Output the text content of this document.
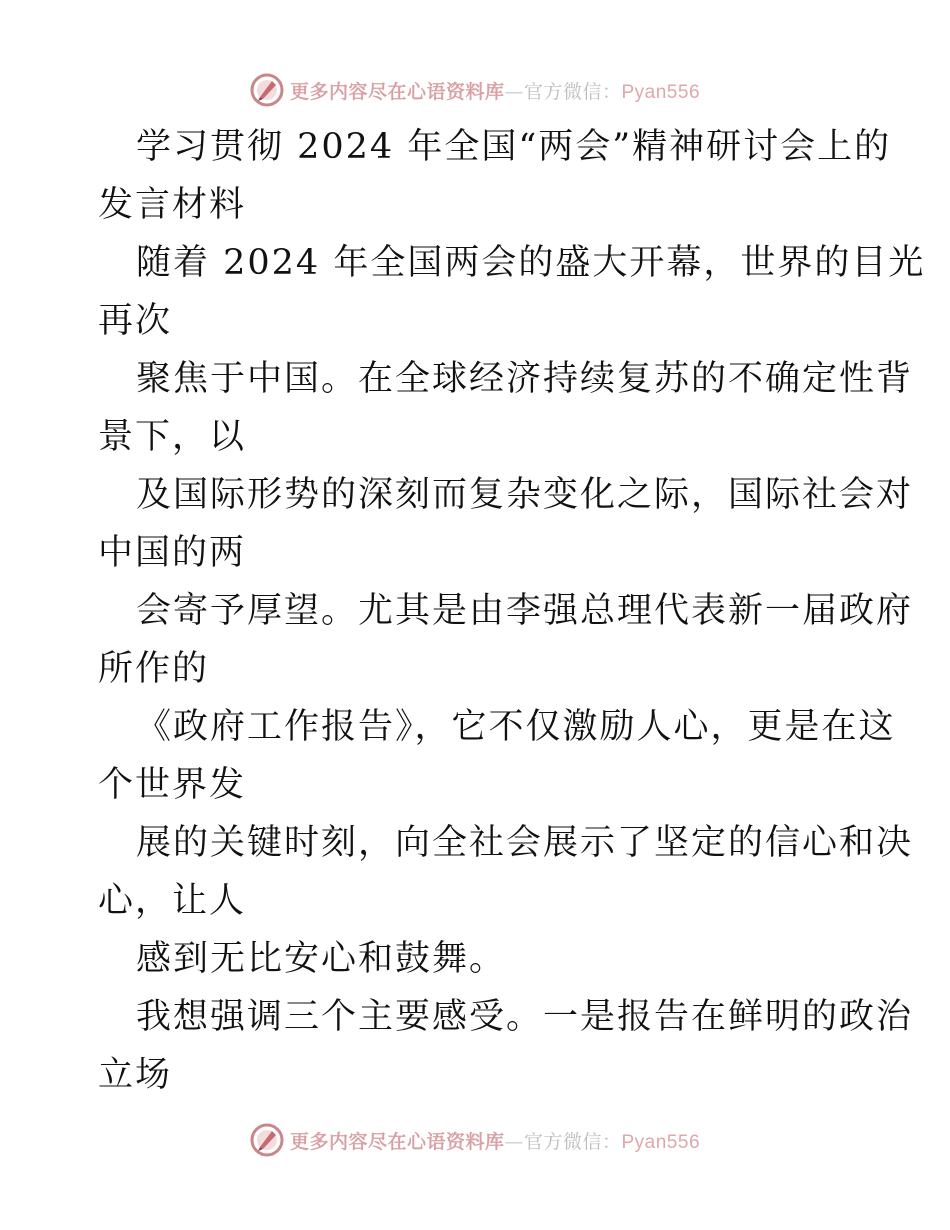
更多内容尽在心语资料库—官方微信：Pyan556
学习贯彻 2024 年全国“两会”精神研讨会上的
发言材料
随着 2024 年全国两会的盛大开幕，世界的目光
再次
聚焦于中国。在全球经济持续复苏的不确定性背
景下，以
及国际形势的深刻而复杂变化之际，国际社会对
中国的两
会寄予厚望。尤其是由李强总理代表新一届政府
所作的
《政府工作报告》，它不仅激励人心，更是在这
个世界发
展的关键时刻，向全社会展示了坚定的信心和决
心，让人
感到无比安心和鼓舞。
我想强调三个主要感受。一是报告在鲜明的政治
立场
更多内容尽在心语资料库—官方微信：Pyan556
